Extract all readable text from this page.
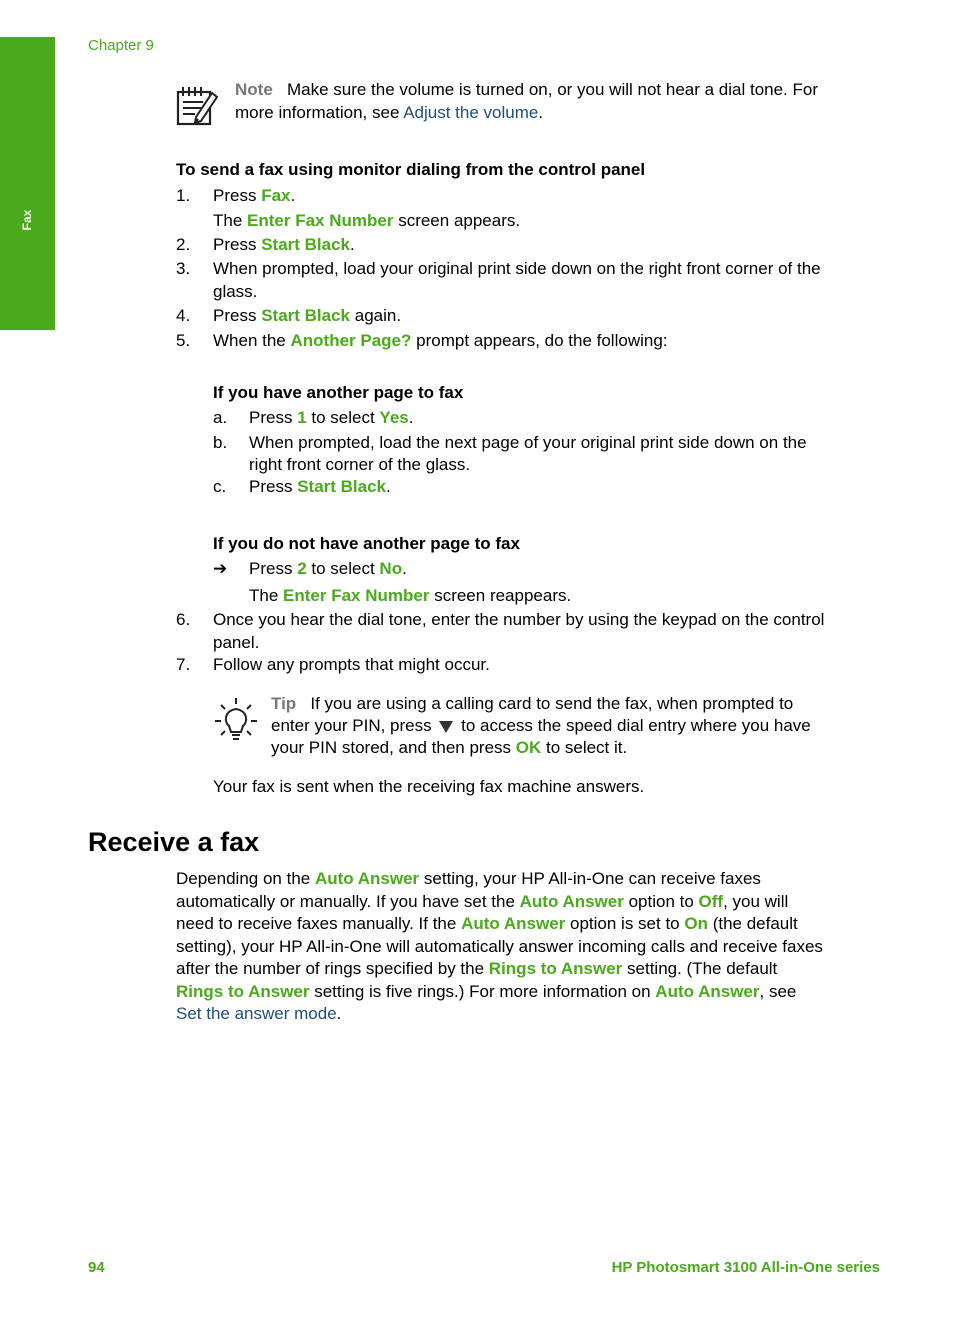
Fax
Chapter 9
Note Make sure the volume is turned on, or you will not hear a dial tone. For
more information, see Adjust the volume.
To send a fax using monitor dialing from the control panel
1. Press Fax.
The Enter Fax Number screen appears.
2. Press Start Black.
3. When prompted, load your original print side down on the right front corner of the
glass.
4. Press Start Black again.
5. When the Another Page? prompt appears, do the following:
If you have another page to fax
a. Press 1 to select Yes.
b. When prompted, load the next page of your original print side down on the
right front corner of the glass.
c. Press Start Black.
If you do not have another page to fax
➔ Press 2 to select No.
The Enter Fax Number screen reappears.
6. Once you hear the dial tone, enter the number by using the keypad on the control
panel.
7. Follow any prompts that might occur.
Tip If you are using a calling card to send the fax, when prompted to
enter your PIN, press to access the speed dial entry where you have
your PIN stored, and then press OK to select it.
Your fax is sent when the receiving fax machine answers.
Receive a fax
Depending on the Auto Answer setting, your HP All-in-One can receive faxes
automatically or manually. If you have set the Auto Answer option to Off, you will
need to receive faxes manually. If the Auto Answer option is set to On (the default
setting), your HP All-in-One will automatically answer incoming calls and receive faxes
after the number of rings specified by the Rings to Answer setting. (The default
Rings to Answer setting is five rings.) For more information on Auto Answer, see
Set the answer mode.
94	HP Photosmart 3100 All-in-One series
